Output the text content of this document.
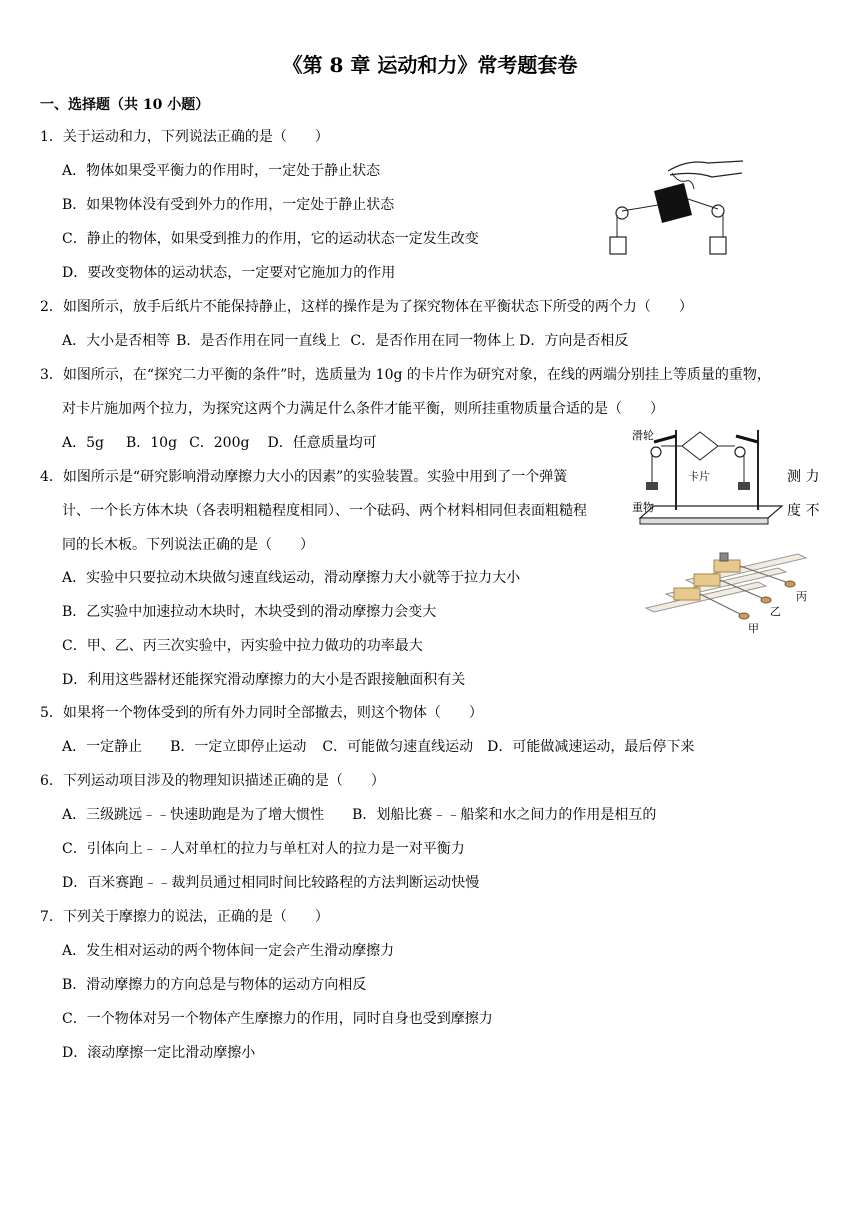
《第 8 章 运动和力》常考题套卷
一、选择题（共 10 小题）
1．关于运动和力，下列说法正确的是（　　）
A．物体如果受平衡力的作用时，一定处于静止状态
B．如果物体没有受到外力的作用，一定处于静止状态
C．静止的物体，如果受到推力的作用，它的运动状态一定发生改变
D．要改变物体的运动状态，一定要对它施加力的作用
2．如图所示，放手后纸片不能保持静止，这样的操作是为了探究物体在平衡状态下所受的两个力（　　）
A．大小是否相等 B．是否作用在同一直线上 C．是否作用在同一物体上 D．方向是否相反
3．如图所示，在“探究二力平衡的条件”时，选质量为 10g 的卡片作为研究对象，在线的两端分别挂上等质量的重物，
对卡片施加两个拉力，为探究这两个力满足什么条件才能平衡，则所挂重物质量合适的是（　　）
A．5g B．10g C．200g D．任意质量均可	滑轮
卡片
重物
4．如图所示是“研究影响滑动摩擦力大小的因素”的实验装置。实验中用到了一个弹簧	测 力
计、一个长方体木块（各表明粗糙程度相同）、一个砝码、两个材料相同但表面粗糙程	度 不
同的长木板。下列说法正确的是（　　）
A．实验中只要拉动木块做匀速直线运动，滑动摩擦力大小就等于拉力大小
B．乙实验中加速拉动木块时，木块受到的滑动摩擦力会变大
C．甲、乙、丙三次实验中，丙实验中拉力做功的功率最大
D．利用这些器材还能探究滑动摩擦力的大小是否跟接触面积有关
甲
乙
丙
5．如果将一个物体受到的所有外力同时全部撤去，则这个物体（　　）
A．一定静止 B．一定立即停止运动 C．可能做匀速直线运动 D．可能做减速运动，最后停下来
6．下列运动项目涉及的物理知识描述正确的是（　　）
A．三级跳远﹣﹣快速助跑是为了增大惯性 B．划船比赛﹣﹣船桨和水之间力的作用是相互的
C．引体向上﹣﹣人对单杠的拉力与单杠对人的拉力是一对平衡力
D．百米赛跑﹣﹣裁判员通过相同时间比较路程的方法判断运动快慢
7．下列关于摩擦力的说法，正确的是（　　）
A．发生相对运动的两个物体间一定会产生滑动摩擦力
B．滑动摩擦力的方向总是与物体的运动方向相反
C．一个物体对另一个物体产生摩擦力的作用，同时自身也受到摩擦力
D．滚动摩擦一定比滑动摩擦小
